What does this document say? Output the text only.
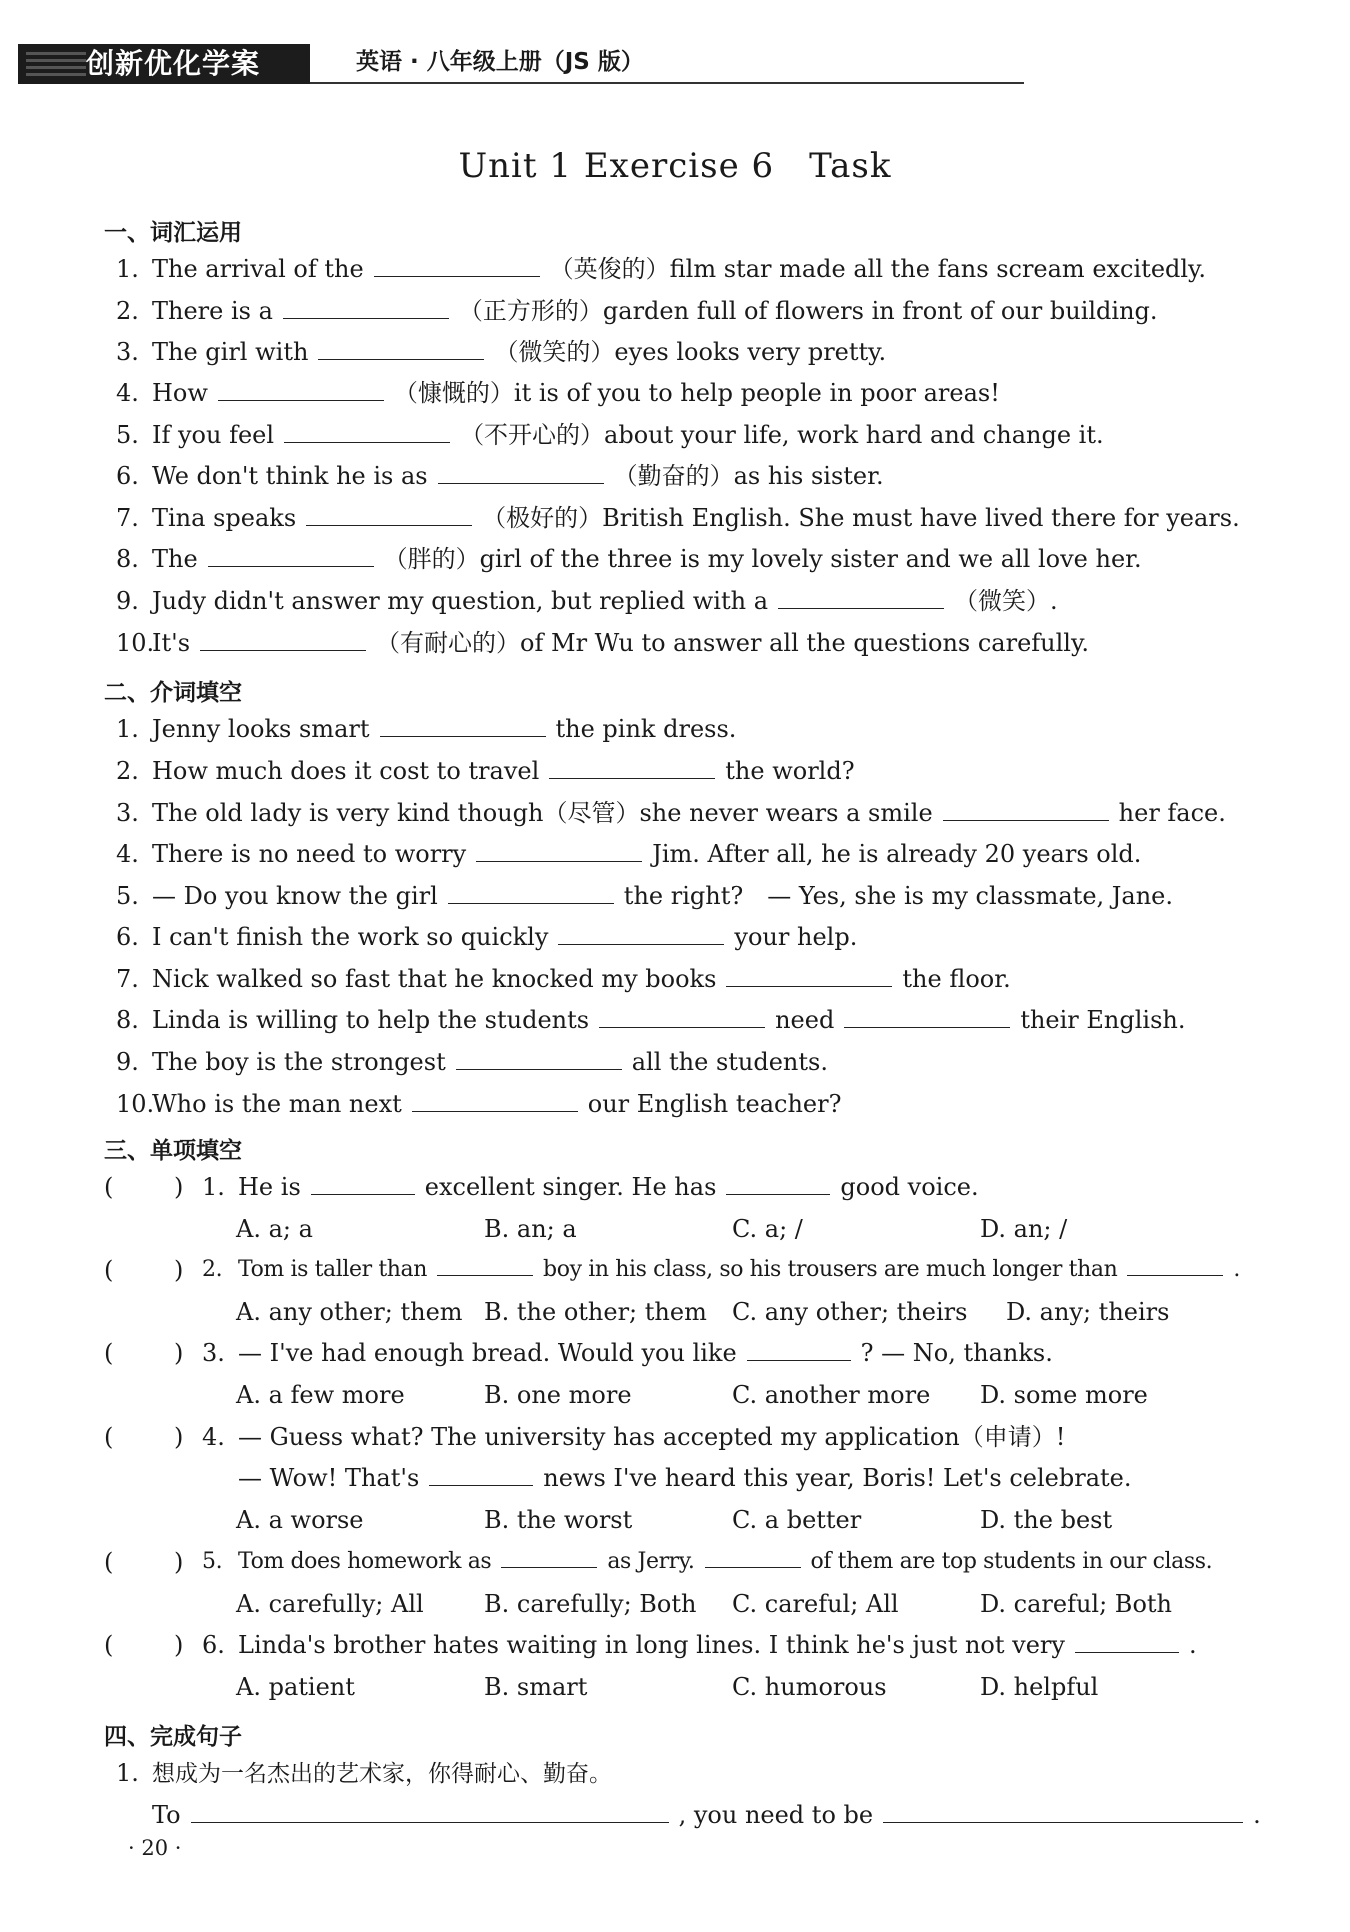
创新优化学案	英语 · 八年级上册（JS 版）
Unit 1 Exercise 6　Task
一、词汇运用
1. The arrival of the	（英俊的）film star made all the fans scream excitedly.
2. There is a	（正方形的）garden full of flowers in front of our building.
3. The girl with	（微笑的）eyes looks very pretty.
4. How	（慷慨的）it is of you to help people in poor areas!
5. If you feel	（不开心的）about your life, work hard and change it.
6. We don't think he is as	（勤奋的）as his sister.
7. Tina speaks	（极好的）British English. She must have lived there for years.
8. The	（胖的）girl of the three is my lovely sister and we all love her.
9. Judy didn't answer my question, but replied with a	（微笑）.
10.It's	（有耐心的）of Mr Wu to answer all the questions carefully.
二、介词填空
1. Jenny looks smart	the pink dress.
2. How much does it cost to travel	the world?
3. The old lady is very kind though（尽管）she never wears a smile	her face.
4. There is no need to worry	Jim. After all, he is already 20 years old.
5. — Do you know the girl	the right?　— Yes, she is my classmate, Jane.
6. I can't finish the work so quickly	your help.
7. Nick walked so fast that he knocked my books	the floor.
8. Linda is willing to help the students	need	their English.
9. The boy is the strongest	all the students.
10.Who is the man next	our English teacher?
三、单项填空
(	) 1. He is	excellent singer. He has	good voice.
A. a; a	B. an; a	C. a; /	D. an; /
(	) 2. Tom is taller than	boy in his class, so his trousers are much longer than	.
A. any other; them B. the other; them C. any other; theirs D. any; theirs
(	) 3. — I've had enough bread. Would you like	? — No, thanks.
A. a few more	B. one more	C. another more D. some more
(	) 4. — Guess what? The university has accepted my application（申请）!
— Wow! That's	news I've heard this year, Boris! Let's celebrate.
A. a worse	B. the worst	C. a better	D. the best
(	) 5. Tom does homework as	as Jerry.	of them are top students in our class.
A. carefully; All	B. carefully; Both C. careful; All	D. careful; Both
(	) 6. Linda's brother hates waiting in long lines. I think he's just not very	.
A. patient	B. smart	C. humorous	D. helpful
四、完成句子
1. 想成为一名杰出的艺术家，你得耐心、勤奋。
To	, you need to be	.
· 20 ·
